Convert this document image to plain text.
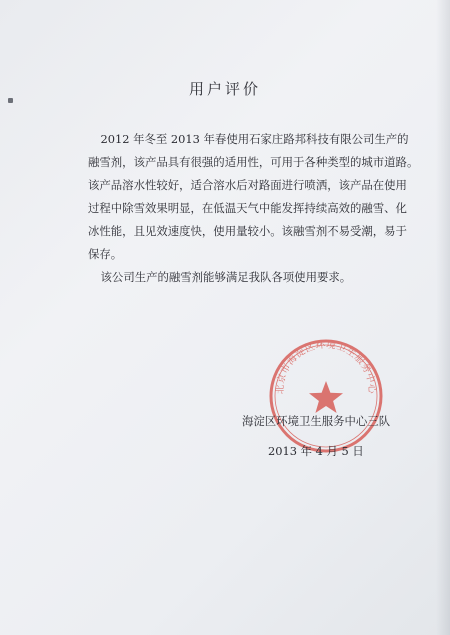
用户评价
2012 年冬至 2013 年春使用石家庄路邦科技有限公司生产的
融雪剂，该产品具有很强的适用性，可用于各种类型的城市道路。
该产品溶水性较好，适合溶水后对路面进行喷洒，该产品在使用
过程中除雪效果明显，在低温天气中能发挥持续高效的融雪、化
冰性能，且见效速度快，使用量较小。该融雪剂不易受潮，易于
保存。
该公司生产的融雪剂能够满足我队各项使用要求。
北京市海淀区环境卫生服务中心
海淀区环境卫生服务中心三队
2013 年 4 月 5 日
